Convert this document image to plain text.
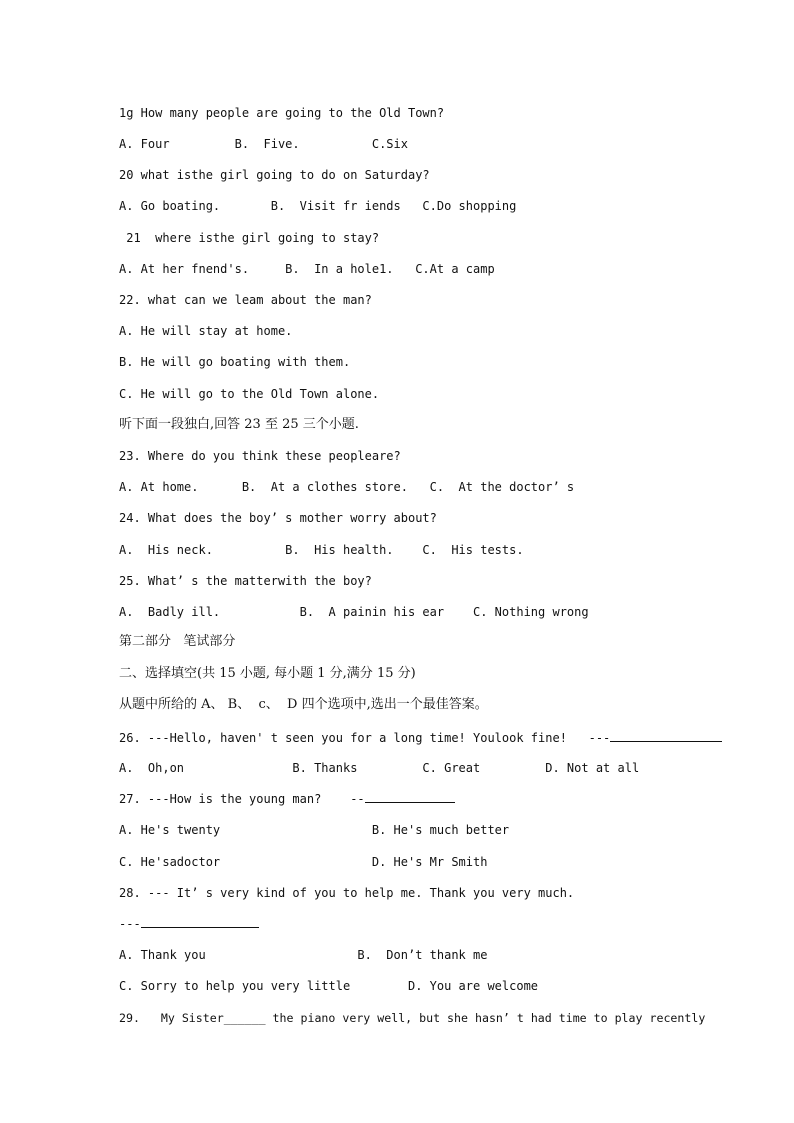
1g How many people are going to the Old Town?
A. Four         B.  Five.          C.Six
20 what isthe girl going to do on Saturday?
A. Go boating.       B.  Visit fr iends   C.Do shopping
21  where isthe girl going to stay?
A. At her fnend's.     B.  In a hole1.   C.At a camp
22. what can we leam about the man?
A. He will stay at home.
B. He will go boating with them.
C. He will go to the Old Town alone.
听下面一段独白,回答 23 至 25 三个小题.
23. Where do you think these peopleare?
A. At home.      B.  At a clothes store.   C.  At the doctor’ s
24. What does the boy’ s mother worry about?
A.  His neck.          B.  His health.    C.  His tests.
25. What’ s the matterwith the boy?
A.  Badly ill.           B.  A painin his ear    C. Nothing wrong
第二部分   笔试部分
二、选择填空(共 15 小题, 每小题 1 分,满分 15 分)
从题中所给的 A、 B、  c、  D 四个选项中,选出一个最佳答案。
26. ---Hello, haven' t seen you for a long time! Youlook fine!   ---
A.  Oh,on               B. Thanks         C. Great         D. Not at all
27. ---How is the young man?    --
A. He's twenty                     B. He's much better
C. He'sadoctor                     D. He's Mr Smith
28. --- It’ s very kind of you to help me. Thank you very much.
---
A. Thank you                     B.  Don’t thank me
C. Sorry to help you very little        D. You are welcome
29.   My Sister______ the piano very well, but she hasn’ t had time to play recently
